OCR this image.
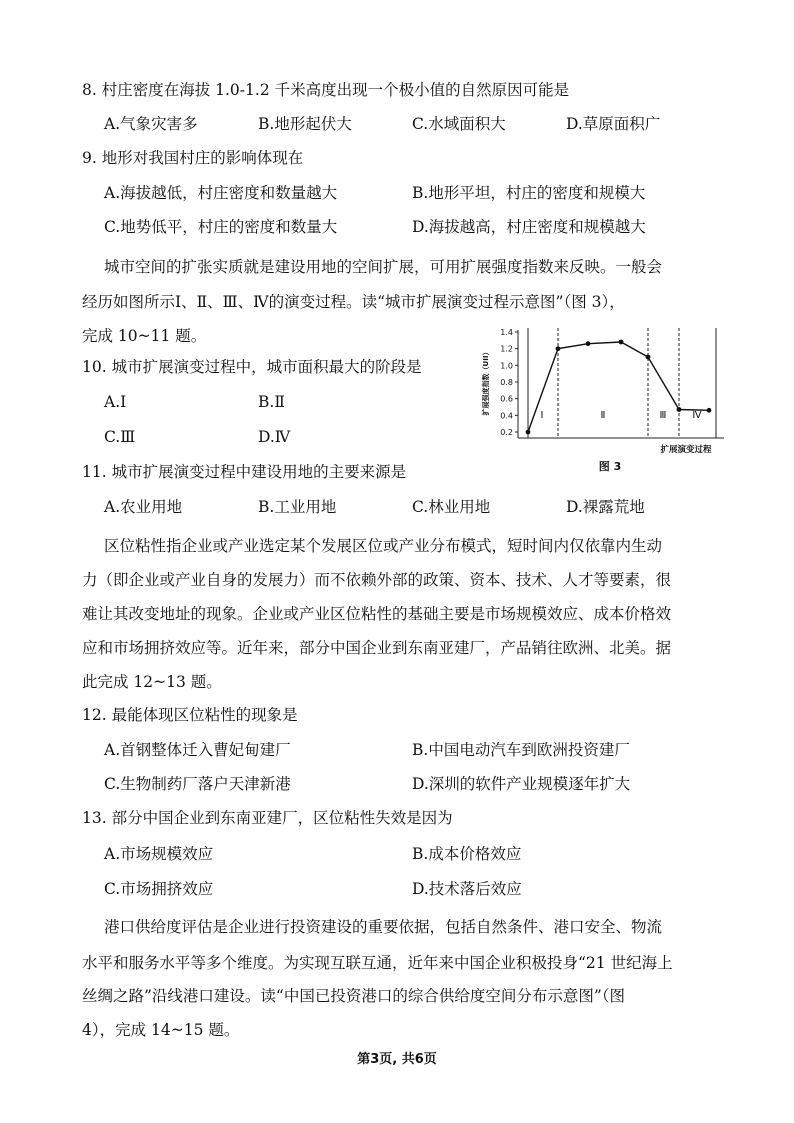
8. 村庄密度在海拔 1.0-1.2 千米高度出现一个极小值的自然原因可能是
A.气象灾害多	B.地形起伏大	C.水域面积大	D.草原面积广
9. 地形对我国村庄的影响体现在
A.海拔越低，村庄密度和数量越大	B.地形平坦，村庄的密度和规模大
C.地势低平，村庄的密度和数量大	D.海拔越高，村庄密度和规模越大
城市空间的扩张实质就是建设用地的空间扩展，可用扩展强度指数来反映。一般会
经历如图所示Ⅰ、Ⅱ、Ⅲ、Ⅳ的演变过程。读“城市扩展演变过程示意图”（图 3），
完成 10~11 题。
10. 城市扩展演变过程中，城市面积最大的阶段是
A.Ⅰ	B.Ⅱ
C.Ⅲ	D.Ⅳ	0.2
0.4
0.6
0.8
1.0
1.2
1.4
扩展强度指数（UII）
Ⅰ	Ⅱ	Ⅲ	Ⅳ
扩展演变过程
图 3
11. 城市扩展演变过程中建设用地的主要来源是
A.农业用地	B.工业用地	C.林业用地	D.裸露荒地
区位粘性指企业或产业选定某个发展区位或产业分布模式，短时间内仅依靠内生动
力（即企业或产业自身的发展力）而不依赖外部的政策、资本、技术、人才等要素，很
难让其改变地址的现象。企业或产业区位粘性的基础主要是市场规模效应、成本价格效
应和市场拥挤效应等。近年来，部分中国企业到东南亚建厂，产品销往欧洲、北美。据
此完成 12~13 题。
12. 最能体现区位粘性的现象是
A.首钢整体迁入曹妃甸建厂	B.中国电动汽车到欧洲投资建厂
C.生物制药厂落户天津新港	D.深圳的软件产业规模逐年扩大
13. 部分中国企业到东南亚建厂，区位粘性失效是因为
A.市场规模效应	B.成本价格效应
C.市场拥挤效应	D.技术落后效应
港口供给度评估是企业进行投资建设的重要依据，包括自然条件、港口安全、物流
水平和服务水平等多个维度。为实现互联互通，近年来中国企业积极投身“21 世纪海上
丝绸之路”沿线港口建设。读“中国已投资港口的综合供给度空间分布示意图”（图
4），完成 14~15 题。
第3页, 共6页
